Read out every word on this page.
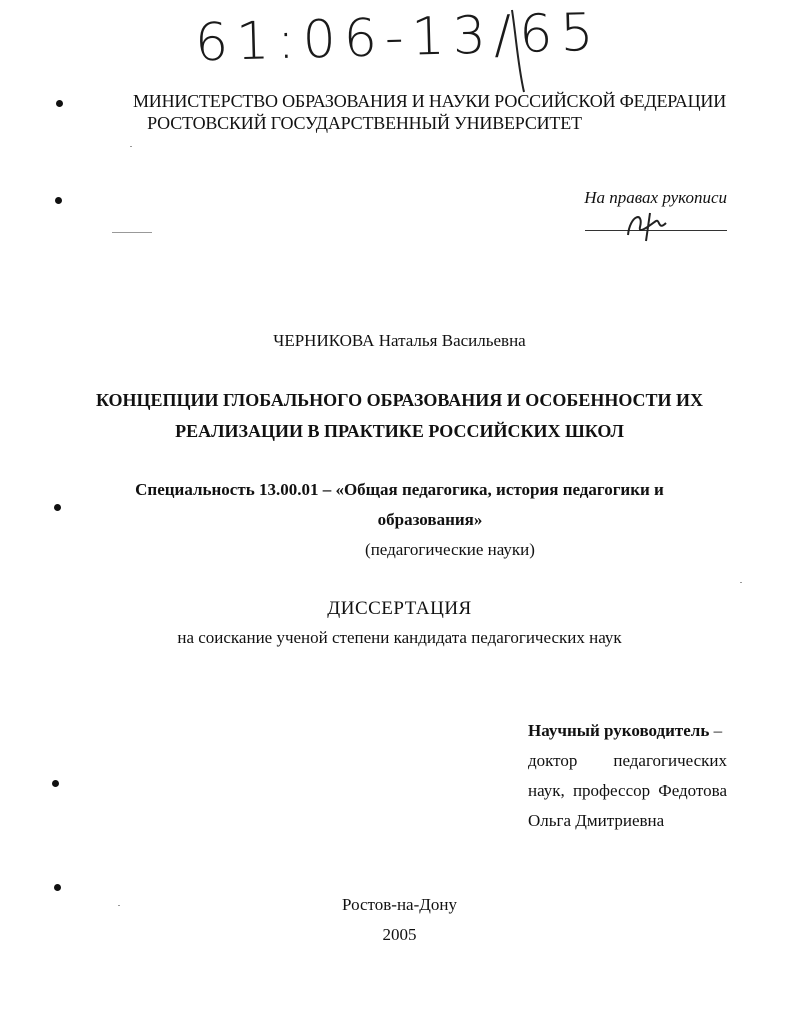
61:06-13/65
МИНИСТЕРСТВО ОБРАЗОВАНИЯ И НАУКИ РОССИЙСКОЙ ФЕДЕРАЦИИ
РОСТОВСКИЙ ГОСУДАРСТВЕННЫЙ УНИВЕРСИТЕТ
На правах рукописи
ЧЕРНИКОВА Наталья Васильевна
КОНЦЕПЦИИ ГЛОБАЛЬНОГО ОБРАЗОВАНИЯ И ОСОБЕННОСТИ ИХ
РЕАЛИЗАЦИИ В ПРАКТИКЕ РОССИЙСКИХ ШКОЛ
Специальность 13.00.01 – «Общая педагогика, история педагогики и
образования»
(педагогические науки)
ДИССЕРТАЦИЯ
на соискание ученой степени кандидата педагогических наук
Научный руководитель –
доктор педагогических
наук, профессор Федотова
Ольга Дмитриевна
Ростов-на-Дону
2005
